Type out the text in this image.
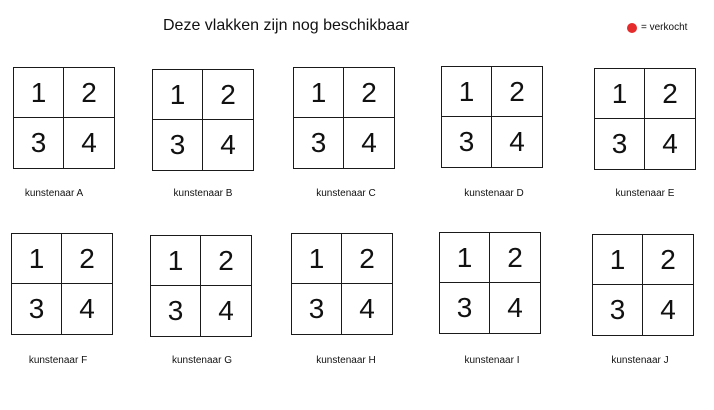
Deze vlakken zijn nog beschikbaar	= verkocht
1	2
3	4
kunstenaar A
1	2
3	4
kunstenaar B
1	2
3	4
kunstenaar C
1	2
3	4
kunstenaar D
1	2
3	4
kunstenaar E
1	2
3	4
kunstenaar F
1	2
3	4
kunstenaar G
1	2
3	4
kunstenaar H
1	2
3	4
kunstenaar I
1	2
3	4
kunstenaar J
